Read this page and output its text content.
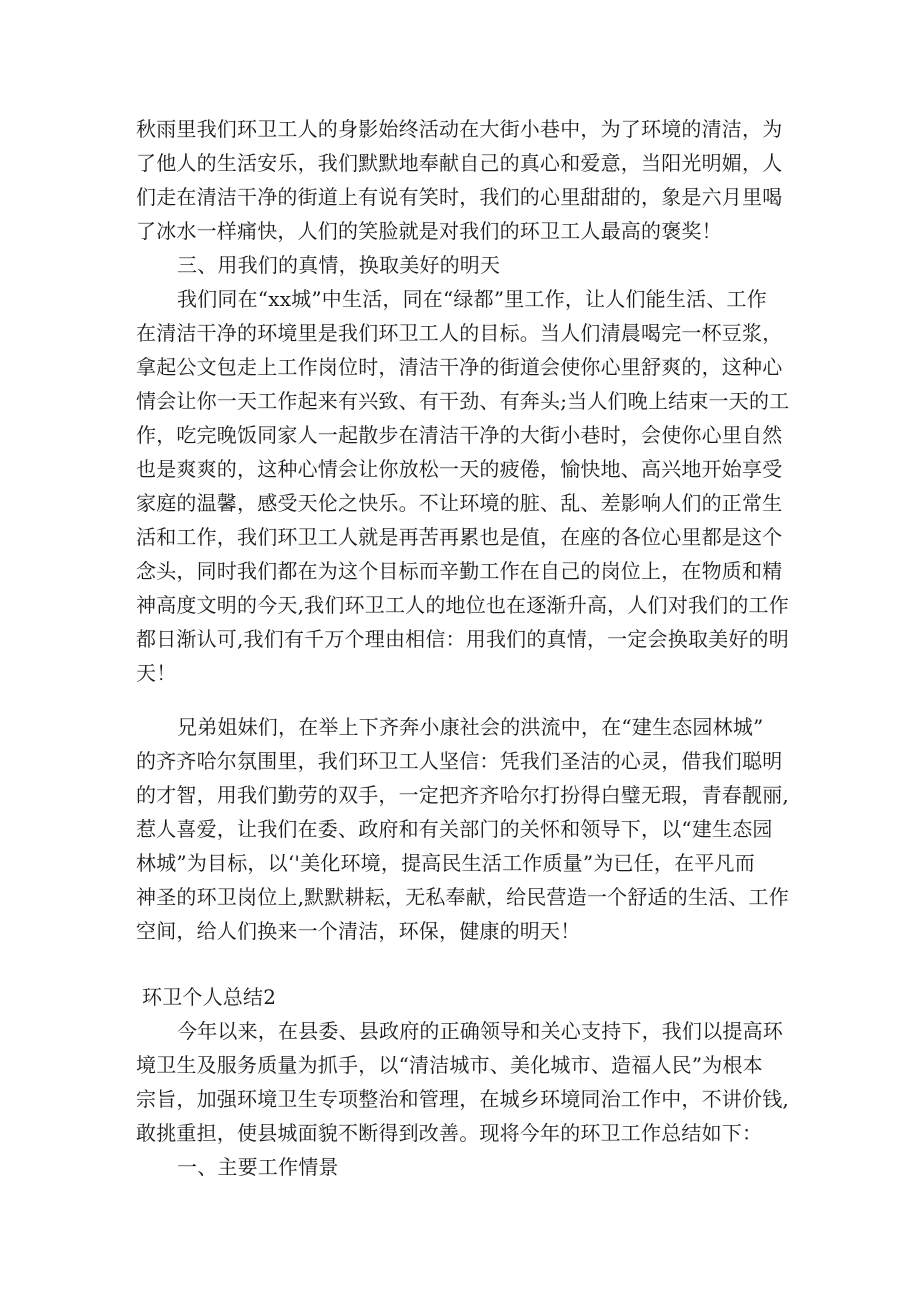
秋雨里我们环卫工人的身影始终活动在大街小巷中，为了环境的清洁，为
了他人的生活安乐，我们默默地奉献自己的真心和爱意，当阳光明媚，人
们走在清洁干净的街道上有说有笑时，我们的心里甜甜的，象是六月里喝
了冰水一样痛快，人们的笑脸就是对我们的环卫工人最高的褒奖！
三、用我们的真情，换取美好的明天
我们同在“xx城”中生活，同在“绿都”里工作，让人们能生活、工作
在清洁干净的环境里是我们环卫工人的目标。当人们清晨喝完一杯豆浆，
拿起公文包走上工作岗位时，清洁干净的街道会使你心里舒爽的，这种心
情会让你一天工作起来有兴致、有干劲、有奔头;当人们晚上结束一天的工
作，吃完晚饭同家人一起散步在清洁干净的大街小巷时，会使你心里自然
也是爽爽的，这种心情会让你放松一天的疲倦，愉快地、高兴地开始享受
家庭的温馨，感受天伦之快乐。不让环境的脏、乱、差影响人们的正常生
活和工作，我们环卫工人就是再苦再累也是值，在座的各位心里都是这个
念头，同时我们都在为这个目标而辛勤工作在自己的岗位上，在物质和精
神高度文明的今天,我们环卫工人的地位也在逐渐升高，人们对我们的工作
都日渐认可,我们有千万个理由相信：用我们的真情，一定会换取美好的明
天！
兄弟姐妹们，在举上下齐奔小康社会的洪流中，在“建生态园林城”
的齐齐哈尔氛围里，我们环卫工人坚信：凭我们圣洁的心灵，借我们聪明
的才智，用我们勤劳的双手，一定把齐齐哈尔打扮得白璧无瑕，青春靓丽,
惹人喜爱，让我们在委、政府和有关部门的关怀和领导下，以“建生态园
林城”为目标，以‘'美化环境，提高民生活工作质量”为已任，在平凡而
神圣的环卫岗位上,默默耕耘，无私奉献，给民营造一个舒适的生活、工作
空间，给人们换来一个清洁，环保，健康的明天！
环卫个人总结2
今年以来，在县委、县政府的正确领导和关心支持下，我们以提高环
境卫生及服务质量为抓手，以“清洁城市、美化城市、造福人民”为根本
宗旨，加强环境卫生专项整治和管理，在城乡环境同治工作中，不讲价钱,
敢挑重担，使县城面貌不断得到改善。现将今年的环卫工作总结如下：
一、主要工作情景
